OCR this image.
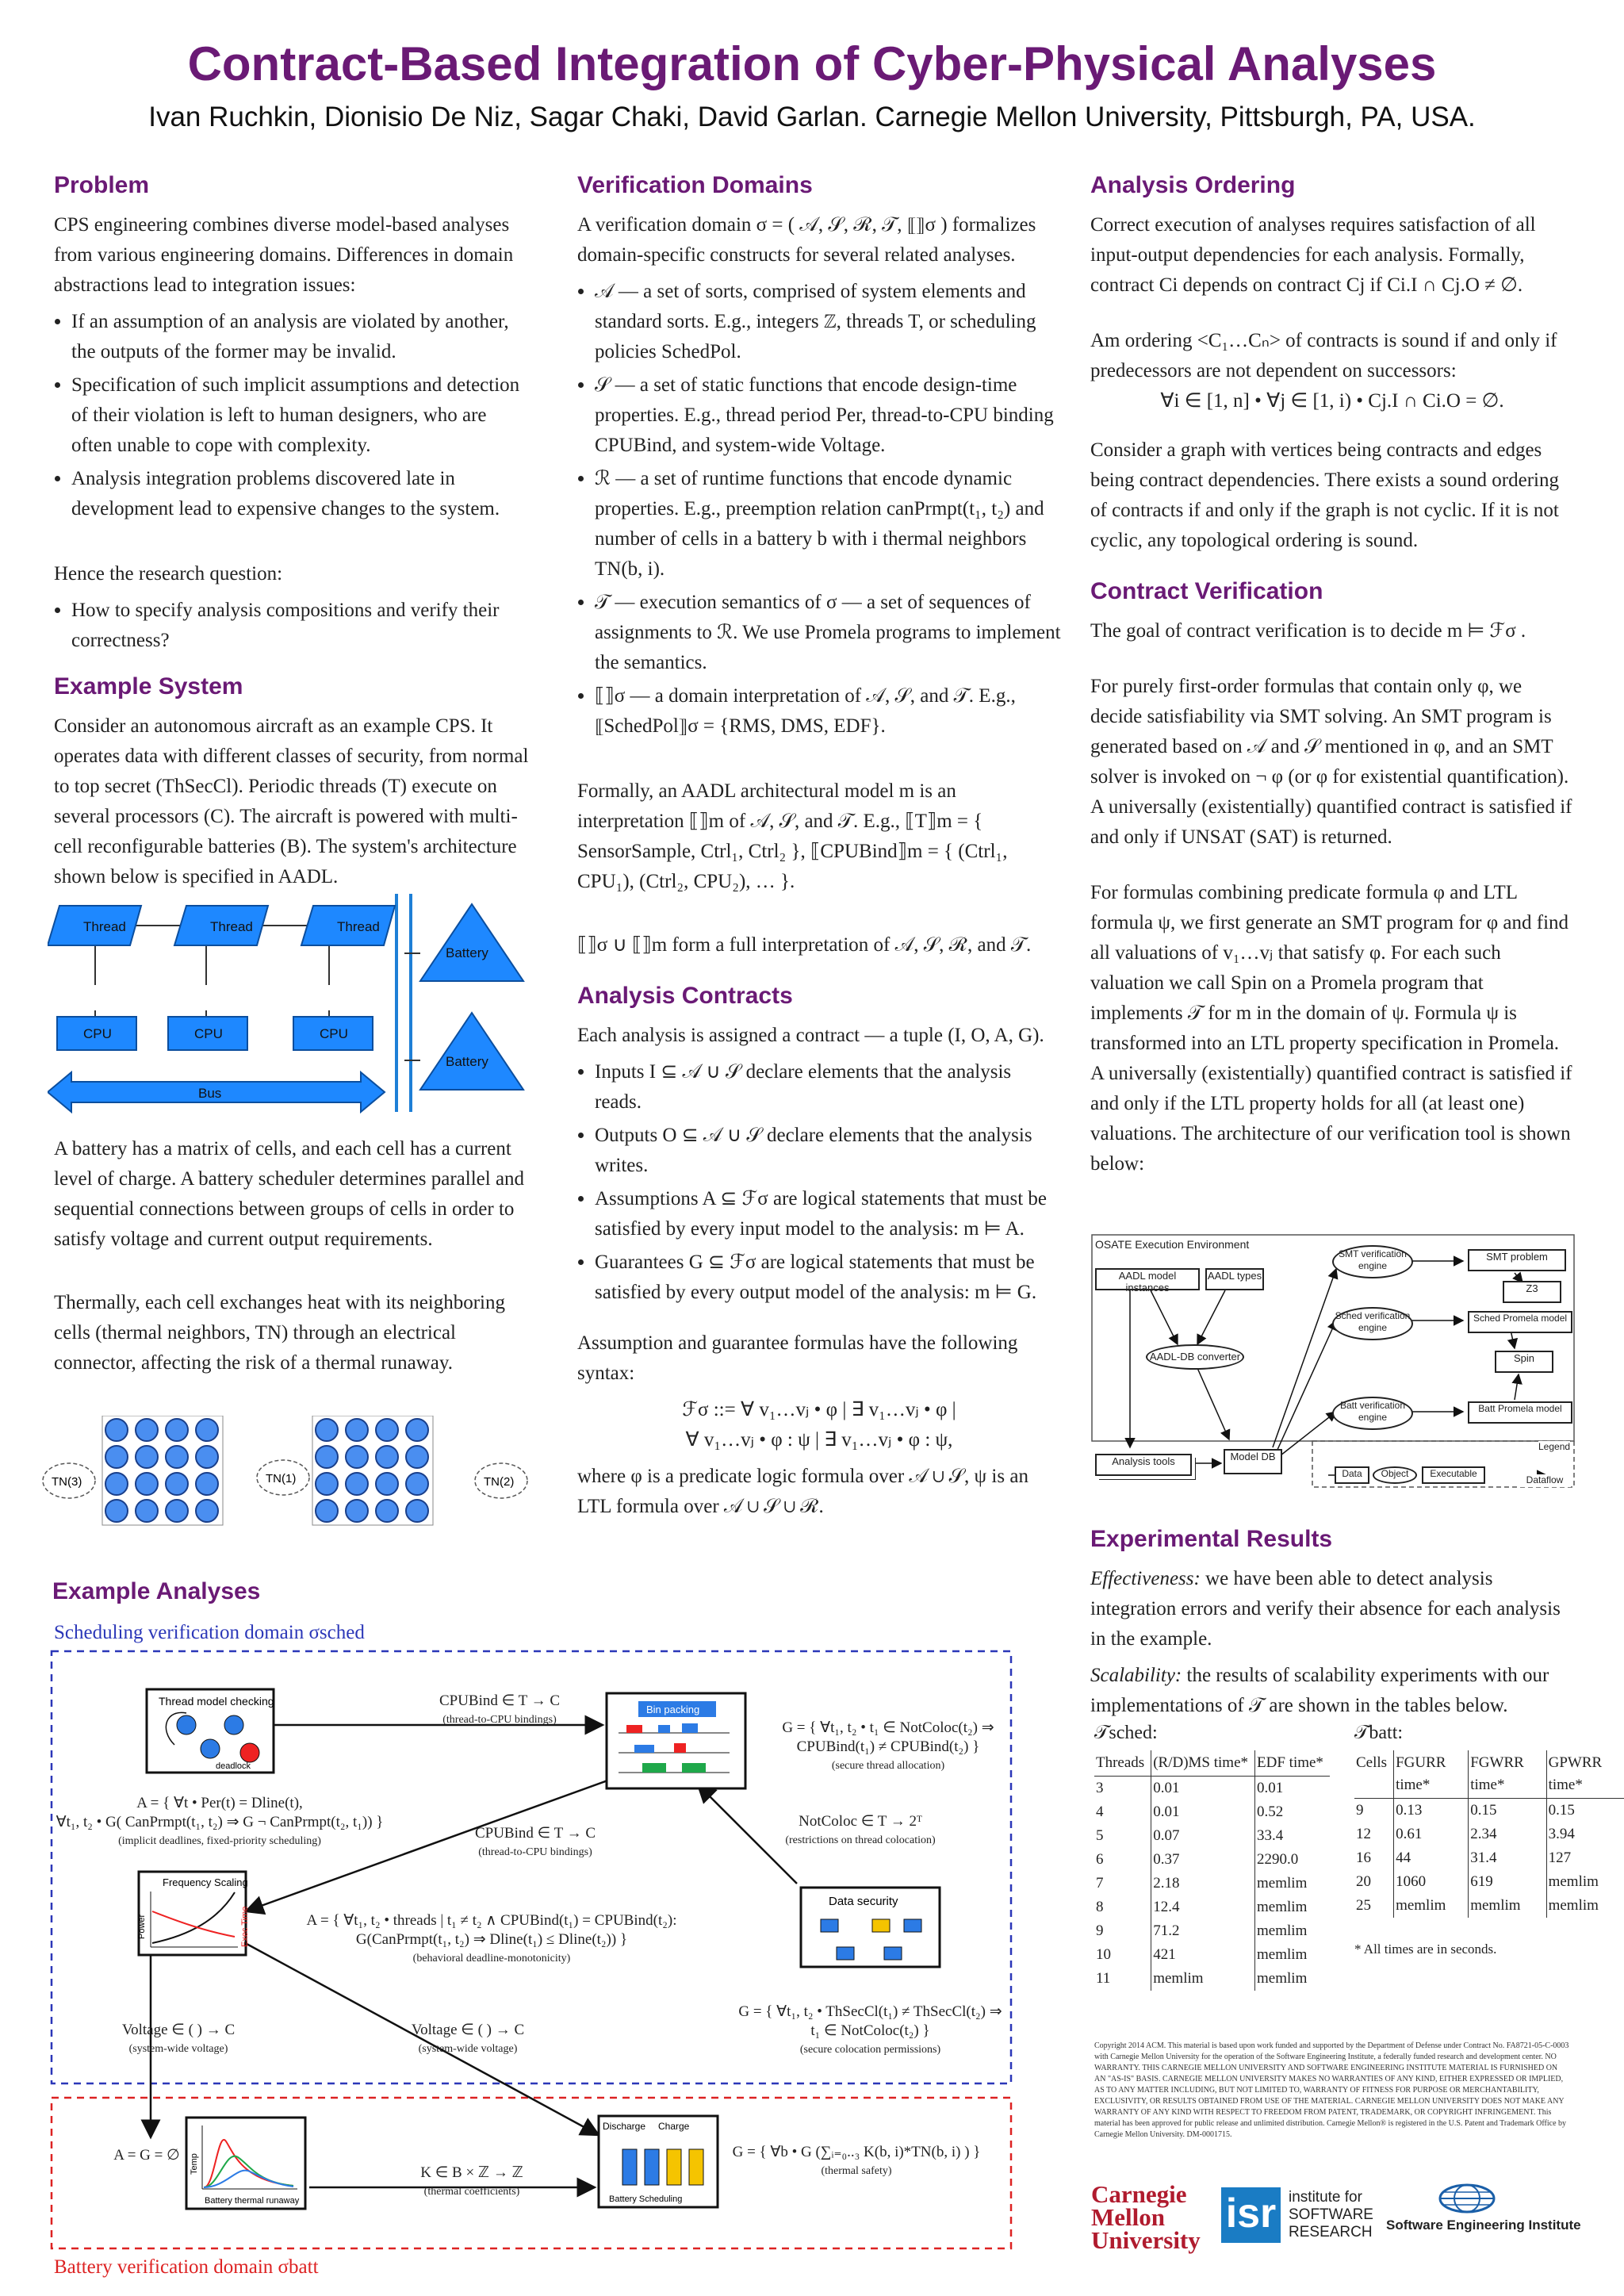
Contract-Based Integration of Cyber-Physical Analyses
Ivan Ruchkin, Dionisio De Niz, Sagar Chaki, David Garlan. Carnegie Mellon University, Pittsburgh, PA, USA.
Problem

CPS engineering combines diverse model-based analyses from various engineering domains. Differences in domain abstractions lead to integration issues:

• If an assumption of an analysis are violated by another, the outputs of the former may be invalid.
• Specification of such implicit assumptions and detection of their violation is left to human designers, who are often unable to cope with complexity.
• Analysis integration problems discovered late in development lead to expensive changes to the system.

Hence the research question:

• How to specify analysis compositions and verify their correctness?
Example System

Consider an autonomous aircraft as an example CPS. It operates data with different classes of security, from normal to top secret (ThSecCl). Periodic threads (T) execute on several processors (C). The aircraft is powered with multi-cell reconfigurable batteries (B). The system's architecture shown below is specified in AADL.

Thread	Thread	Thread
CPU	CPU	CPU
Bus
Battery
Battery

A battery has a matrix of cells, and each cell has a current level of charge. A battery scheduler determines parallel and sequential connections between groups of cells in order to satisfy voltage and current output requirements.

Thermally, each cell exchanges heat with its neighboring cells (thermal neighbors, TN) through an electrical connector, affecting the risk of a thermal runaway.

TN(3)	TN(1)	TN(2)
Verification Domains

A verification domain σ = ( 𝒜, 𝒮, ℛ, 𝒯, ⟦⟧σ ) formalizes domain-specific constructs for several related analyses.

• 𝒜 — a set of sorts, comprised of system elements and standard sorts. E.g., integers ℤ, threads T, or scheduling policies SchedPol.
• 𝒮 — a set of static functions that encode design-time properties. E.g., thread period Per, thread-to-CPU binding CPUBind, and system-wide Voltage.
• ℛ — a set of runtime functions that encode dynamic properties. E.g., preemption relation canPrmpt(t₁, t₂) and number of cells in a battery b with i thermal neighbors TN(b, i).
• 𝒯 — execution semantics of σ — a set of sequences of assignments to ℛ. We use Promela programs to implement the semantics.
• ⟦⟧σ — a domain interpretation of 𝒜, 𝒮, and 𝒯. E.g., ⟦SchedPol⟧σ = {RMS, DMS, EDF}.

Formally, an AADL architectural model m is an interpretation ⟦⟧m of 𝒜, 𝒮, and 𝒯. E.g., ⟦T⟧m = { SensorSample, Ctrl₁, Ctrl₂ }, ⟦CPUBind⟧m = { (Ctrl₁, CPU₁), (Ctrl₂, CPU₂), … }.

⟦⟧σ ∪ ⟦⟧m form a full interpretation of 𝒜, 𝒮, ℛ, and 𝒯.

Analysis Contracts

Each analysis is assigned a contract — a tuple (I, O, A, G).

• Inputs I ⊆ 𝒜 ∪ 𝒮 declare elements that the analysis reads.
• Outputs O ⊆ 𝒜 ∪ 𝒮 declare elements that the analysis writes.
• Assumptions A ⊆ ℱσ are logical statements that must be satisfied by every input model to the analysis: m ⊨ A.
• Guarantees G ⊆ ℱσ are logical statements that must be satisfied by every output model of the analysis: m ⊨ G.

Assumption and guarantee formulas have the following syntax:

ℱσ ::= ∀ v₁…vⱼ • φ | ∃ v₁…vⱼ • φ |

∀ v₁…vⱼ • φ : ψ | ∃ v₁…vⱼ • φ : ψ,

where φ is a predicate logic formula over 𝒜 ∪ 𝒮, ψ is an LTL formula over 𝒜 ∪ 𝒮 ∪ ℛ.

Analysis Ordering

Correct execution of analyses requires satisfaction of all input-output dependencies for each analysis. Formally, contract Ci depends on contract Cj if Ci.I ∩ Cj.O ≠ ∅.

Am ordering <C₁…Cₙ> of contracts is sound if and only if predecessors are not dependent on successors:

∀i ∈ [1, n] • ∀j ∈ [1, i) • Cj.I ∩ Ci.O = ∅.

Consider a graph with vertices being contracts and edges being contract dependencies. There exists a sound ordering of contracts if and only if the graph is not cyclic. If it is not cyclic, any topological ordering is sound.

Contract Verification

The goal of contract verification is to decide m ⊨ ℱσ .

For purely first-order formulas that contain only φ, we decide satisfiability via SMT solving. An SMT program is generated based on 𝒜 and 𝒮 mentioned in φ, and an SMT solver is invoked on ¬ φ (or φ for existential quantification). A universally (existentially) quantified contract is satisfied if and only if UNSAT (SAT) is returned.

For formulas combining predicate formula φ and LTL formula ψ, we first generate an SMT program for φ and find all valuations of v₁…vⱼ that satisfy φ. For each such valuation we call Spin on a Promela program that implements 𝒯 for m in the domain of ψ. Formula ψ is transformed into an LTL property specification in Promela. A universally (existentially) quantified contract is satisfied if and only if the LTL property holds for all (at least one) valuations. The architecture of our verification tool is shown below:

OSATE Execution Environment
AADL model instances
AADL types
AADL-DB converter
SMT verification engine
Sched verification engine
Batt verification engine
SMT problem
Z3
Sched Promela model
Spin
Batt Promela model
Analysis tools	Model DB
Legend
Data	Object	Executable
Dataflow
Experimental Results

Effectiveness: we have been able to detect analysis integration errors and verify their absence for each analysis in the example.

Scalability: the results of scalability experiments with our implementations of 𝒯 are shown in the tables below.

𝒯sched:
Threads	(R/D)MS time*	EDF time*
3	0.01	0.01
4	0.01	0.52
5	0.07	33.4
6	0.37	2290.0
7	2.18	memlim
8	12.4	memlim
9	71.2	memlim
10	421	memlim
11	memlim	memlim
𝒯batt:
Cells	FGURR time*	FGWRR time*	GPWRR time*
9	0.13	0.15	0.15
12	0.61	2.34	3.94
16	44	31.4	127
20	1060	619	memlim
25	memlim	memlim	memlim
* All times are in seconds.
Copyright 2014 ACM. This material is based upon work funded and supported by the Department of Defense under Contract No. FA8721-05-C-0003 with Carnegie Mellon University for the operation of the Software Engineering Institute, a federally funded research and development center. NO WARRANTY. THIS CARNEGIE MELLON UNIVERSITY AND SOFTWARE ENGINEERING INSTITUTE MATERIAL IS FURNISHED ON AN "AS-IS" BASIS. CARNEGIE MELLON UNIVERSITY MAKES NO WARRANTIES OF ANY KIND, EITHER EXPRESSED OR IMPLIED, AS TO ANY MATTER INCLUDING, BUT NOT LIMITED TO, WARRANTY OF FITNESS FOR PURPOSE OR MERCHANTABILITY, EXCLUSIVITY, OR RESULTS OBTAINED FROM USE OF THE MATERIAL. CARNEGIE MELLON UNIVERSITY DOES NOT MAKE ANY WARRANTY OF ANY KIND WITH RESPECT TO FREEDOM FROM PATENT, TRADEMARK, OR COPYRIGHT INFRINGEMENT. This material has been approved for public release and unlimited distribution. Carnegie Mellon® is registered in the U.S. Patent and Trademark Office by Carnegie Mellon University. DM-0001715.
Carnegie
Mellon
University
isr institute for
SOFTWARE
RESEARCH Software Engineering Institute
Example Analyses
Scheduling verification domain σsched
Battery verification domain σbatt
Thread model checking
deadlock
Bin packing
Frequency Scaling
Power	Exec Time
Data security
Temp
Battery thermal runaway
Discharge Charge
Battery Scheduling
CPUBind ∈ T → C
(thread-to-CPU bindings)	G = { ∀t₁, t₂ • t₁ ∈ NotColoc(t₂) ⇒ CPUBind(t₁) ≠ CPUBind(t₂) }
(secure thread allocation)
A = { ∀t • Per(t) = Dline(t),
∀t₁, t₂ • G( CanPrmpt(t₁, t₂) ⇒ G ¬ CanPrmpt(t₂, t₁)) }
(implicit deadlines, fixed-priority scheduling)	CPUBind ∈ T → C
(thread-to-CPU bindings)
NotColoc ∈ T → 2ᵀ
(restrictions on thread colocation)
A = { ∀t₁, t₂ • threads | t₁ ≠ t₂ ∧ CPUBind(t₁) = CPUBind(t₂):
G(CanPrmpt(t₁, t₂) ⇒ Dline(t₁) ≤ Dline(t₂)) }
(behavioral deadline-monotonicity)
Voltage ∈ ( ) → C
(system-wide voltage)
Voltage ∈ ( ) → C
(system-wide voltage)
G = { ∀t₁, t₂ • ThSecCl(t₁) ≠ ThSecCl(t₂) ⇒
t₁ ∈ NotColoc(t₂) }
(secure colocation permissions)
A = G = ∅
K ∈ B × ℤ → ℤ
(thermal coefficients)
G = { ∀b • G (∑ᵢ₌₀..₃ K(b, i)*TN(b, i) ) }
(thermal safety)
